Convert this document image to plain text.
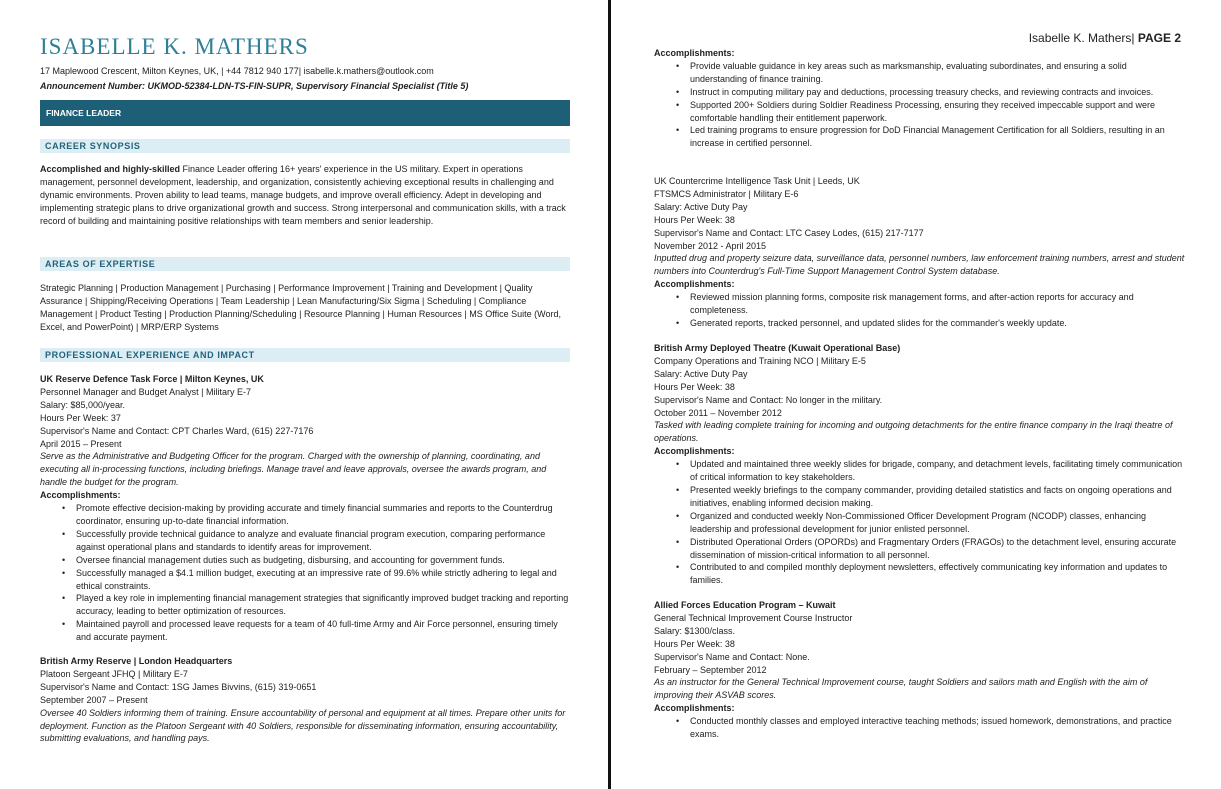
ISABELLE K. MATHERS
17 Maplewood Crescent, Milton Keynes, UK, | +44 7812 940 177| isabelle.k.mathers@outlook.com
Announcement Number: UKMOD-52384-LDN-TS-FIN-SUPR, Supervisory Financial Specialist (Title 5)
FINANCE LEADER
CAREER SYNOPSIS
Accomplished and highly-skilled Finance Leader offering 16+ years' experience in the US military. Expert in operations management, personnel development, leadership, and organization, consistently achieving exceptional results in challenging and dynamic environments. Proven ability to lead teams, manage budgets, and improve overall efficiency. Adept in developing and implementing strategic plans to drive organizational growth and success. Strong interpersonal and communication skills, with a track record of building and maintaining positive relationships with team members and senior leadership.
AREAS OF EXPERTISE
Strategic Planning | Production Management | Purchasing | Performance Improvement | Training and Development | Quality Assurance | Shipping/Receiving Operations | Team Leadership | Lean Manufacturing/Six Sigma | Scheduling | Compliance Management | Product Testing | Production Planning/Scheduling | Resource Planning | Human Resources | MS Office Suite (Word, Excel, and PowerPoint) | MRP/ERP Systems
PROFESSIONAL EXPERIENCE AND IMPACT
UK Reserve Defence Task Force | Milton Keynes, UK
Personnel Manager and Budget Analyst | Military E-7
Salary: $85,000/year.
Hours Per Week: 37
Supervisor's Name and Contact: CPT Charles Ward, (615) 227-7176
April 2015 – Present
Serve as the Administrative and Budgeting Officer for the program. Charged with the ownership of planning, coordinating, and executing all in-processing functions, including briefings. Manage travel and leave approvals, oversee the awards program, and handle the budget for the program.
Accomplishments:
• Promote effective decision-making by providing accurate and timely financial summaries and reports to the Counterdrug coordinator, ensuring up-to-date financial information.
• Successfully provide technical guidance to analyze and evaluate financial program execution, comparing performance against operational plans and standards to identify areas for improvement.
• Oversee financial management duties such as budgeting, disbursing, and accounting for government funds.
• Successfully managed a $4.1 million budget, executing at an impressive rate of 99.6% while strictly adhering to legal and ethical constraints.
• Played a key role in implementing financial management strategies that significantly improved budget tracking and reporting accuracy, leading to better optimization of resources.
• Maintained payroll and processed leave requests for a team of 40 full-time Army and Air Force personnel, ensuring timely and accurate payment.
British Army Reserve | London Headquarters
Platoon Sergeant JFHQ | Military E-7
Supervisor's Name and Contact: 1SG James Bivvins, (615) 319-0651
September 2007 – Present
Oversee 40 Soldiers informing them of training. Ensure accountability of personal and equipment at all times. Prepare other units for deployment. Function as the Platoon Sergeant with 40 Soldiers, responsible for disseminating information, ensuring accountability, submitting evaluations, and handling pays.
Isabelle K. Mathers| PAGE 2
Accomplishments:
• Provide valuable guidance in key areas such as marksmanship, evaluating subordinates, and ensuring a solid understanding of finance training.
• Instruct in computing military pay and deductions, processing treasury checks, and reviewing contracts and invoices.
• Supported 200+ Soldiers during Soldier Readiness Processing, ensuring they received impeccable support and were comfortable handling their entitlement paperwork.
• Led training programs to ensure progression for DoD Financial Management Certification for all Soldiers, resulting in an increase in certified personnel.
UK Countercrime Intelligence Task Unit | Leeds, UK
FTSMCS Administrator | Military E-6
Salary: Active Duty Pay
Hours Per Week: 38
Supervisor's Name and Contact: LTC Casey Lodes, (615) 217-7177
November 2012 - April 2015
Inputted drug and property seizure data, surveillance data, personnel numbers, law enforcement training numbers, arrest and student numbers into Counterdrug's Full-Time Support Management Control System database.
Accomplishments:
• Reviewed mission planning forms, composite risk management forms, and after-action reports for accuracy and completeness.
• Generated reports, tracked personnel, and updated slides for the commander's weekly update.
British Army Deployed Theatre (Kuwait Operational Base)
Company Operations and Training NCO | Military E-5
Salary: Active Duty Pay
Hours Per Week: 38
Supervisor's Name and Contact: No longer in the military.
October 2011 – November 2012
Tasked with leading complete training for incoming and outgoing detachments for the entire finance company in the Iraqi theatre of operations.
Accomplishments:
• Updated and maintained three weekly slides for brigade, company, and detachment levels, facilitating timely communication of critical information to key stakeholders.
• Presented weekly briefings to the company commander, providing detailed statistics and facts on ongoing operations and initiatives, enabling informed decision making.
• Organized and conducted weekly Non-Commissioned Officer Development Program (NCODP) classes, enhancing leadership and professional development for junior enlisted personnel.
• Distributed Operational Orders (OPORDs) and Fragmentary Orders (FRAGOs) to the detachment level, ensuring accurate dissemination of mission-critical information to all personnel.
• Contributed to and compiled monthly deployment newsletters, effectively communicating key information and updates to families.
Allied Forces Education Program – Kuwait
General Technical Improvement Course Instructor
Salary: $1300/class.
Hours Per Week: 38
Supervisor's Name and Contact: None.
February – September 2012
As an instructor for the General Technical Improvement course, taught Soldiers and sailors math and English with the aim of improving their ASVAB scores.
Accomplishments:
• Conducted monthly classes and employed interactive teaching methods; issued homework, demonstrations, and practice exams.
